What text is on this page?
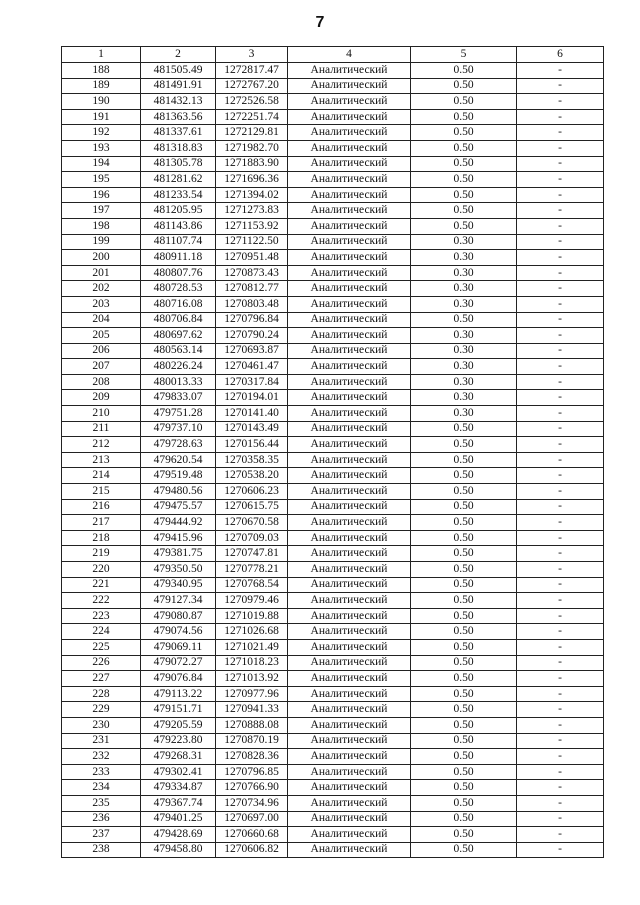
7
1	2	3	4	5	6
188	481505.49	1272817.47	Аналитический	0.50	-
189	481491.91	1272767.20	Аналитический	0.50	-
190	481432.13	1272526.58	Аналитический	0.50	-
191	481363.56	1272251.74	Аналитический	0.50	-
192	481337.61	1272129.81	Аналитический	0.50	-
193	481318.83	1271982.70	Аналитический	0.50	-
194	481305.78	1271883.90	Аналитический	0.50	-
195	481281.62	1271696.36	Аналитический	0.50	-
196	481233.54	1271394.02	Аналитический	0.50	-
197	481205.95	1271273.83	Аналитический	0.50	-
198	481143.86	1271153.92	Аналитический	0.50	-
199	481107.74	1271122.50	Аналитический	0.30	-
200	480911.18	1270951.48	Аналитический	0.30	-
201	480807.76	1270873.43	Аналитический	0.30	-
202	480728.53	1270812.77	Аналитический	0.30	-
203	480716.08	1270803.48	Аналитический	0.30	-
204	480706.84	1270796.84	Аналитический	0.50	-
205	480697.62	1270790.24	Аналитический	0.30	-
206	480563.14	1270693.87	Аналитический	0.30	-
207	480226.24	1270461.47	Аналитический	0.30	-
208	480013.33	1270317.84	Аналитический	0.30	-
209	479833.07	1270194.01	Аналитический	0.30	-
210	479751.28	1270141.40	Аналитический	0.30	-
211	479737.10	1270143.49	Аналитический	0.50	-
212	479728.63	1270156.44	Аналитический	0.50	-
213	479620.54	1270358.35	Аналитический	0.50	-
214	479519.48	1270538.20	Аналитический	0.50	-
215	479480.56	1270606.23	Аналитический	0.50	-
216	479475.57	1270615.75	Аналитический	0.50	-
217	479444.92	1270670.58	Аналитический	0.50	-
218	479415.96	1270709.03	Аналитический	0.50	-
219	479381.75	1270747.81	Аналитический	0.50	-
220	479350.50	1270778.21	Аналитический	0.50	-
221	479340.95	1270768.54	Аналитический	0.50	-
222	479127.34	1270979.46	Аналитический	0.50	-
223	479080.87	1271019.88	Аналитический	0.50	-
224	479074.56	1271026.68	Аналитический	0.50	-
225	479069.11	1271021.49	Аналитический	0.50	-
226	479072.27	1271018.23	Аналитический	0.50	-
227	479076.84	1271013.92	Аналитический	0.50	-
228	479113.22	1270977.96	Аналитический	0.50	-
229	479151.71	1270941.33	Аналитический	0.50	-
230	479205.59	1270888.08	Аналитический	0.50	-
231	479223.80	1270870.19	Аналитический	0.50	-
232	479268.31	1270828.36	Аналитический	0.50	-
233	479302.41	1270796.85	Аналитический	0.50	-
234	479334.87	1270766.90	Аналитический	0.50	-
235	479367.74	1270734.96	Аналитический	0.50	-
236	479401.25	1270697.00	Аналитический	0.50	-
237	479428.69	1270660.68	Аналитический	0.50	-
238	479458.80	1270606.82	Аналитический	0.50	-
